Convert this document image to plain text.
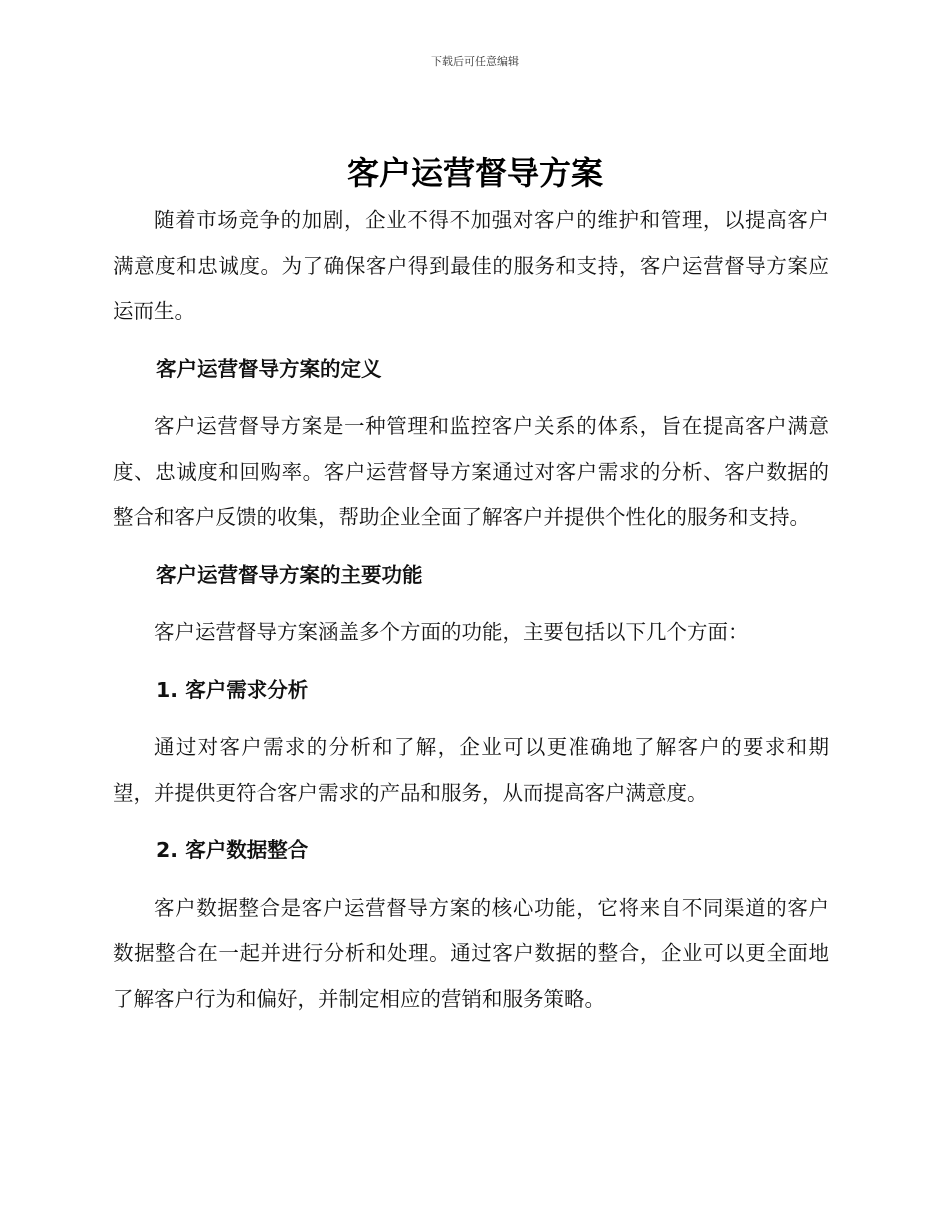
下载后可任意编辑
客户运营督导方案

随着市场竞争的加剧，企业不得不加强对客户的维护和管理，以提高客户满意度和忠诚度。为了确保客户得到最佳的服务和支持，客户运营督导方案应运而生。

客户运营督导方案的定义

客户运营督导方案是一种管理和监控客户关系的体系，旨在提高客户满意度、忠诚度和回购率。客户运营督导方案通过对客户需求的分析、客户数据的整合和客户反馈的收集，帮助企业全面了解客户并提供个性化的服务和支持。

客户运营督导方案的主要功能

客户运营督导方案涵盖多个方面的功能，主要包括以下几个方面：

1. 客户需求分析

通过对客户需求的分析和了解，企业可以更准确地了解客户的要求和期望，并提供更符合客户需求的产品和服务，从而提高客户满意度。

2. 客户数据整合

客户数据整合是客户运营督导方案的核心功能，它将来自不同渠道的客户数据整合在一起并进行分析和处理。通过客户数据的整合，企业可以更全面地了解客户行为和偏好，并制定相应的营销和服务策略。
